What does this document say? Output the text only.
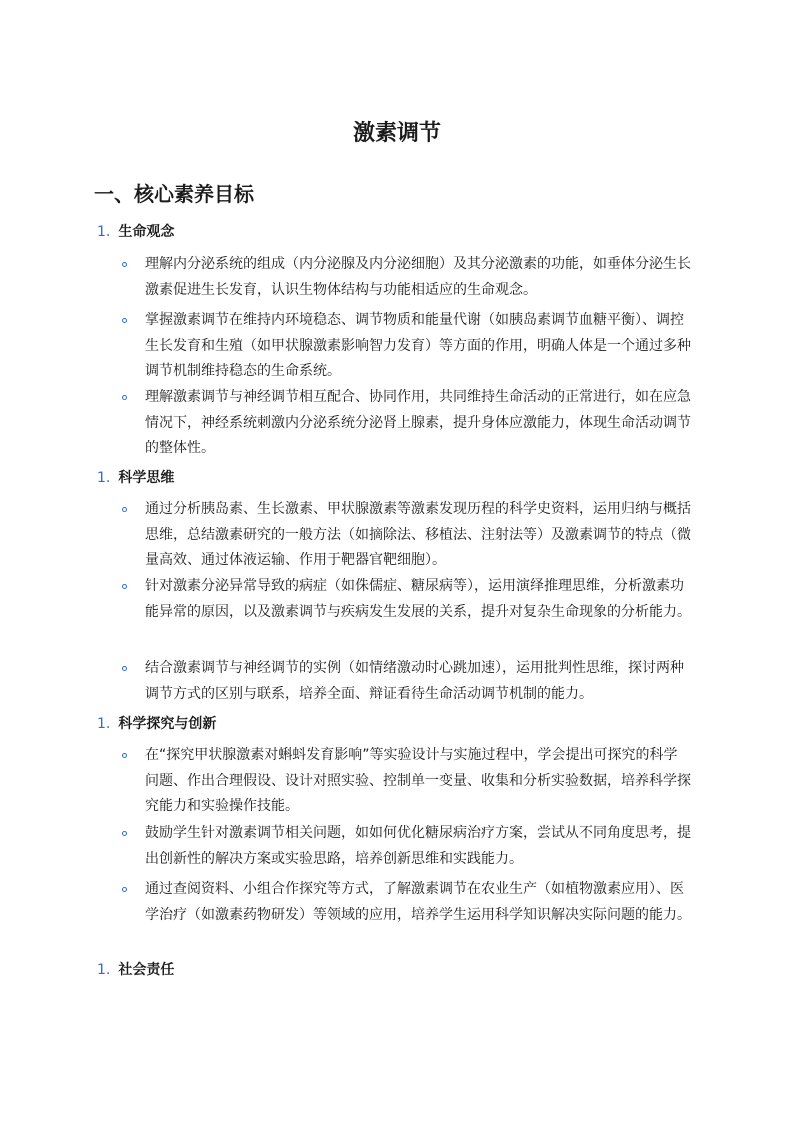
激素调节
一、核心素养目标
1. 生命观念
理解内分泌系统的组成（内分泌腺及内分泌细胞）及其分泌激素的功能，如垂体分泌生长激素促进生长发育，认识生物体结构与功能相适应的生命观念。
掌握激素调节在维持内环境稳态、调节物质和能量代谢（如胰岛素调节血糖平衡）、调控生长发育和生殖（如甲状腺激素影响智力发育）等方面的作用，明确人体是一个通过多种调节机制维持稳态的生命系统。
理解激素调节与神经调节相互配合、协同作用，共同维持生命活动的正常进行，如在应急情况下，神经系统刺激内分泌系统分泌肾上腺素，提升身体应激能力，体现生命活动调节的整体性。
1. 科学思维
通过分析胰岛素、生长激素、甲状腺激素等激素发现历程的科学史资料，运用归纳与概括思维，总结激素研究的一般方法（如摘除法、移植法、注射法等）及激素调节的特点（微量高效、通过体液运输、作用于靶器官靶细胞）。
针对激素分泌异常导致的病症（如侏儒症、糖尿病等），运用演绎推理思维，分析激素功能异常的原因，以及激素调节与疾病发生发展的关系，提升对复杂生命现象的分析能力。
结合激素调节与神经调节的实例（如情绪激动时心跳加速），运用批判性思维，探讨两种调节方式的区别与联系，培养全面、辩证看待生命活动调节机制的能力。
1. 科学探究与创新
在“探究甲状腺激素对蝌蚪发育影响”等实验设计与实施过程中，学会提出可探究的科学问题、作出合理假设、设计对照实验、控制单一变量、收集和分析实验数据，培养科学探究能力和实验操作技能。
鼓励学生针对激素调节相关问题，如如何优化糖尿病治疗方案，尝试从不同角度思考，提出创新性的解决方案或实验思路，培养创新思维和实践能力。
通过查阅资料、小组合作探究等方式，了解激素调节在农业生产（如植物激素应用）、医学治疗（如激素药物研发）等领域的应用，培养学生运用科学知识解决实际问题的能力。
1. 社会责任
